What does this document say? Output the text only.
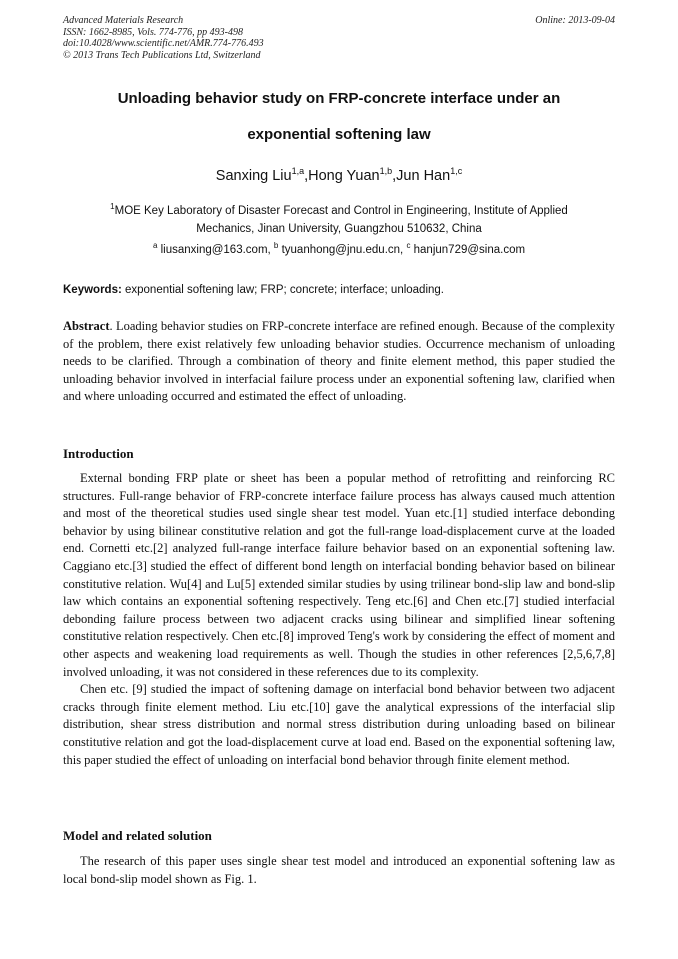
Advanced Materials Research
ISSN: 1662-8985, Vols. 774-776, pp 493-498
doi:10.4028/www.scientific.net/AMR.774-776.493
© 2013 Trans Tech Publications Ltd, Switzerland
Online: 2013-09-04
Unloading behavior study on FRP-concrete interface under an
exponential softening law
Sanxing Liu$^{1,a}$,Hong Yuan$^{1,b}$,Jun Han$^{1,c}$
$^1$MOE Key Laboratory of Disaster Forecast and Control in Engineering, Institute of Applied Mechanics, Jinan University, Guangzhou 510632, China
$^a$ liusanxing@163.com, $^b$ tyuanhong@jnu.edu.cn, $^c$ hanjun729@sina.com
Keywords: exponential softening law; FRP; concrete; interface; unloading.
Abstract. Loading behavior studies on FRP-concrete interface are refined enough. Because of the complexity of the problem, there exist relatively few unloading behavior studies. Occurrence mechanism of unloading needs to be clarified. Through a combination of theory and finite element method, this paper studied the unloading behavior involved in interfacial failure process under an exponential softening law, clarified when and where unloading occurred and estimated the effect of unloading.
Introduction

External bonding FRP plate or sheet has been a popular method of retrofitting and reinforcing RC structures. Full-range behavior of FRP-concrete interface failure process has always caused much attention and most of the theoretical studies used single shear test model. Yuan etc.[1] studied interface debonding behavior by using bilinear constitutive relation and got the full-range load-displacement curve at the loaded end. Cornetti etc.[2] analyzed full-range interface failure behavior based on an exponential softening law. Caggiano etc.[3] studied the effect of different bond length on interfacial bonding behavior based on bilinear constitutive relation. Wu[4] and Lu[5] extended similar studies by using trilinear bond-slip law and bond-slip law which contains an exponential softening respectively. Teng etc.[6] and Chen etc.[7] studied interfacial debonding failure process between two adjacent cracks using bilinear and simplified linear softening constitutive relation respectively. Chen etc.[8] improved Teng's work by considering the effect of moment and other aspects and weakening load requirements as well. Though the studies in other references [2,5,6,7,8] involved unloading, it was not considered in these references due to its complexity.

Chen etc. [9] studied the impact of softening damage on interfacial bond behavior between two adjacent cracks through finite element method. Liu etc.[10] gave the analytical expressions of the interfacial slip distribution, shear stress distribution and normal stress distribution during unloading based on bilinear constitutive relation and got the load-displacement curve at load end. Based on the exponential softening law, this paper studied the effect of unloading on interfacial bond behavior through finite element method.

Model and related solution

The research of this paper uses single shear test model and introduced an exponential softening law as local bond-slip model shown as Fig. 1.
